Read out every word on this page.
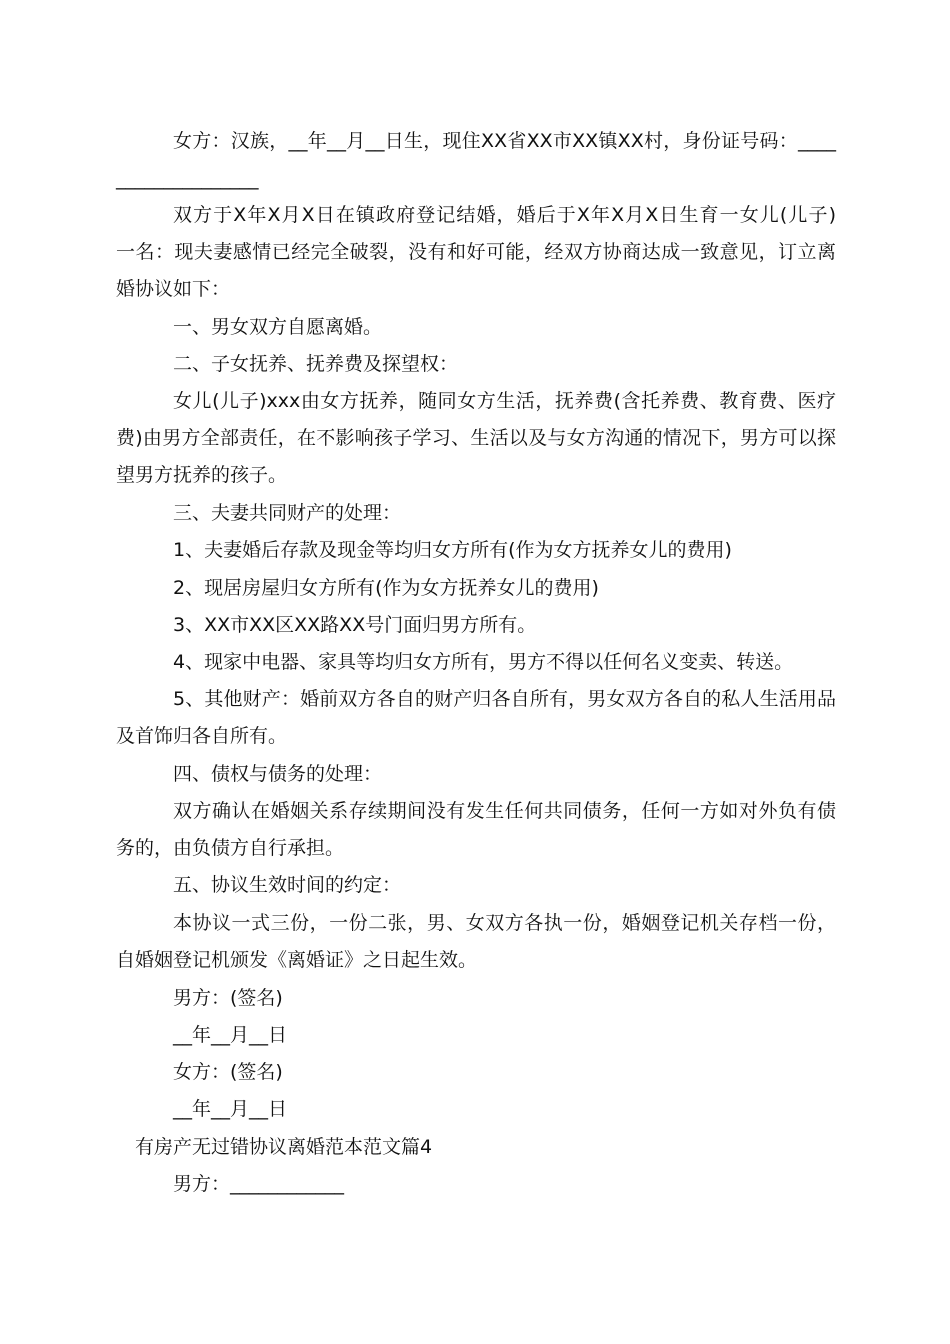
女方：汉族，__年__月__日生，现住XX省XX市XX镇XX村，身份证号码：____
_______________
双方于X年X月X日在镇政府登记结婚，婚后于X年X月X日生育一女儿(儿子)
一名：现夫妻感情已经完全破裂，没有和好可能，经双方协商达成一致意见，订立离
婚协议如下：
一、男女双方自愿离婚。
二、子女抚养、抚养费及探望权：
女儿(儿子)xxx由女方抚养，随同女方生活，抚养费(含托养费、教育费、医疗
费)由男方全部责任，在不影响孩子学习、生活以及与女方沟通的情况下，男方可以探
望男方抚养的孩子。
三、夫妻共同财产的处理：
1、夫妻婚后存款及现金等均归女方所有(作为女方抚养女儿的费用)
2、现居房屋归女方所有(作为女方抚养女儿的费用)
3、XX市XX区XX路XX号门面归男方所有。
4、现家中电器、家具等均归女方所有，男方不得以任何名义变卖、转送。
5、其他财产：婚前双方各自的财产归各自所有，男女双方各自的私人生活用品
及首饰归各自所有。
四、债权与债务的处理：
双方确认在婚姻关系存续期间没有发生任何共同债务，任何一方如对外负有债
务的，由负债方自行承担。
五、协议生效时间的约定：
本协议一式三份，一份二张，男、女双方各执一份，婚姻登记机关存档一份，
自婚姻登记机颁发《离婚证》之日起生效。
男方：(签名)
__年__月__日
女方：(签名)
__年__月__日
有房产无过错协议离婚范本范文篇4
男方：____________
